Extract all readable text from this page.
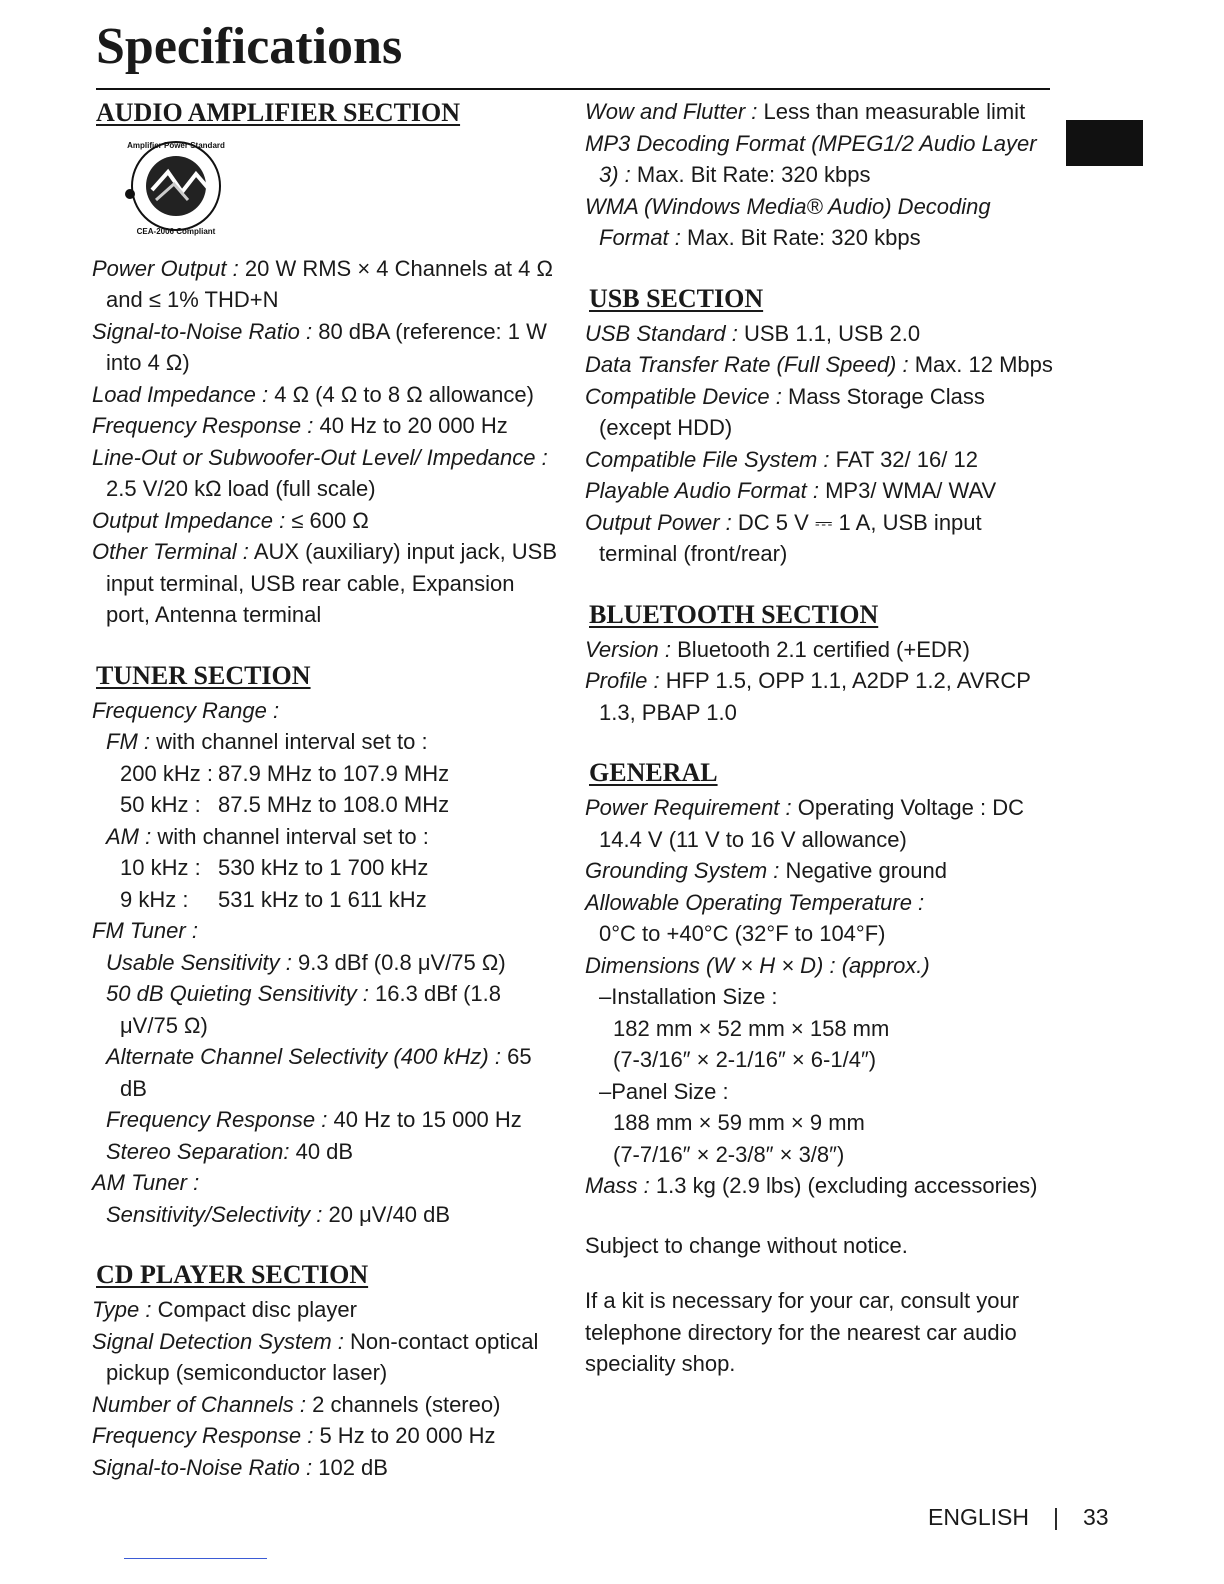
Specifications
AUDIO AMPLIFIER SECTION
Amplifier Power Standard
CEA-2006 Compliant
Power Output : 20 W RMS × 4 Channels at 4 Ω and ≤ 1% THD+N
Signal-to-Noise Ratio : 80 dBA (reference: 1 W into 4 Ω)
Load Impedance : 4 Ω (4 Ω to 8 Ω allowance)
Frequency Response : 40 Hz to 20 000 Hz
Line-Out or Subwoofer-Out Level/ Impedance : 2.5 V/20 kΩ load (full scale)
Output Impedance : ≤ 600 Ω
Other Terminal : AUX (auxiliary) input jack, USB input terminal, USB rear cable, Expansion port, Antenna terminal
TUNER SECTION
Frequency Range :
FM : with channel interval set to :
200 kHz : 87.9 MHz to 107.9 MHz
50 kHz : 87.5 MHz to 108.0 MHz
AM : with channel interval set to :
10 kHz : 530 kHz to 1 700 kHz
9 kHz :	531 kHz to 1 611 kHz
FM Tuner :
Usable Sensitivity : 9.3 dBf (0.8 μV/75 Ω)
50 dB Quieting Sensitivity : 16.3 dBf (1.8 μV/75 Ω)
Alternate Channel Selectivity (400 kHz) : 65 dB
Frequency Response : 40 Hz to 15 000 Hz
Stereo Separation: 40 dB
AM Tuner :
Sensitivity/Selectivity : 20 μV/40 dB
CD PLAYER SECTION
Type : Compact disc player
Signal Detection System : Non-contact optical pickup (semiconductor laser)
Number of Channels : 2 channels (stereo)
Frequency Response : 5 Hz to 20 000 Hz
Signal-to-Noise Ratio : 102 dB
Wow and Flutter : Less than measurable limit
MP3 Decoding Format (MPEG1/2 Audio Layer 3) : Max. Bit Rate: 320 kbps
WMA (Windows Media® Audio) Decoding Format : Max. Bit Rate: 320 kbps
USB SECTION
USB Standard : USB 1.1, USB 2.0
Data Transfer Rate (Full Speed) : Max. 12 Mbps
Compatible Device : Mass Storage Class (except HDD)
Compatible File System : FAT 32/ 16/ 12
Playable Audio Format : MP3/ WMA/ WAV
Output Power : DC 5 V ⎓ 1 A, USB input terminal (front/rear)
BLUETOOTH SECTION
Version : Bluetooth 2.1 certified (+EDR)
Profile : HFP 1.5, OPP 1.1, A2DP 1.2, AVRCP 1.3, PBAP 1.0
GENERAL
Power Requirement : Operating Voltage : DC 14.4 V (11 V to 16 V allowance)
Grounding System : Negative ground
Allowable Operating Temperature :
0°C to +40°C (32°F to 104°F)
Dimensions (W × H × D) : (approx.)
–Installation Size :
182 mm × 52 mm × 158 mm
(7-3/16″ × 2-1/16″ × 6-1/4″)
–Panel Size :
188 mm × 59 mm × 9 mm
(7-7/16″ × 2-3/8″ × 3/8″)
Mass : 1.3 kg (2.9 lbs) (excluding accessories)
Subject to change without notice.
If a kit is necessary for your car, consult your telephone directory for the nearest car audio speciality shop.
ENGLISH | 33
